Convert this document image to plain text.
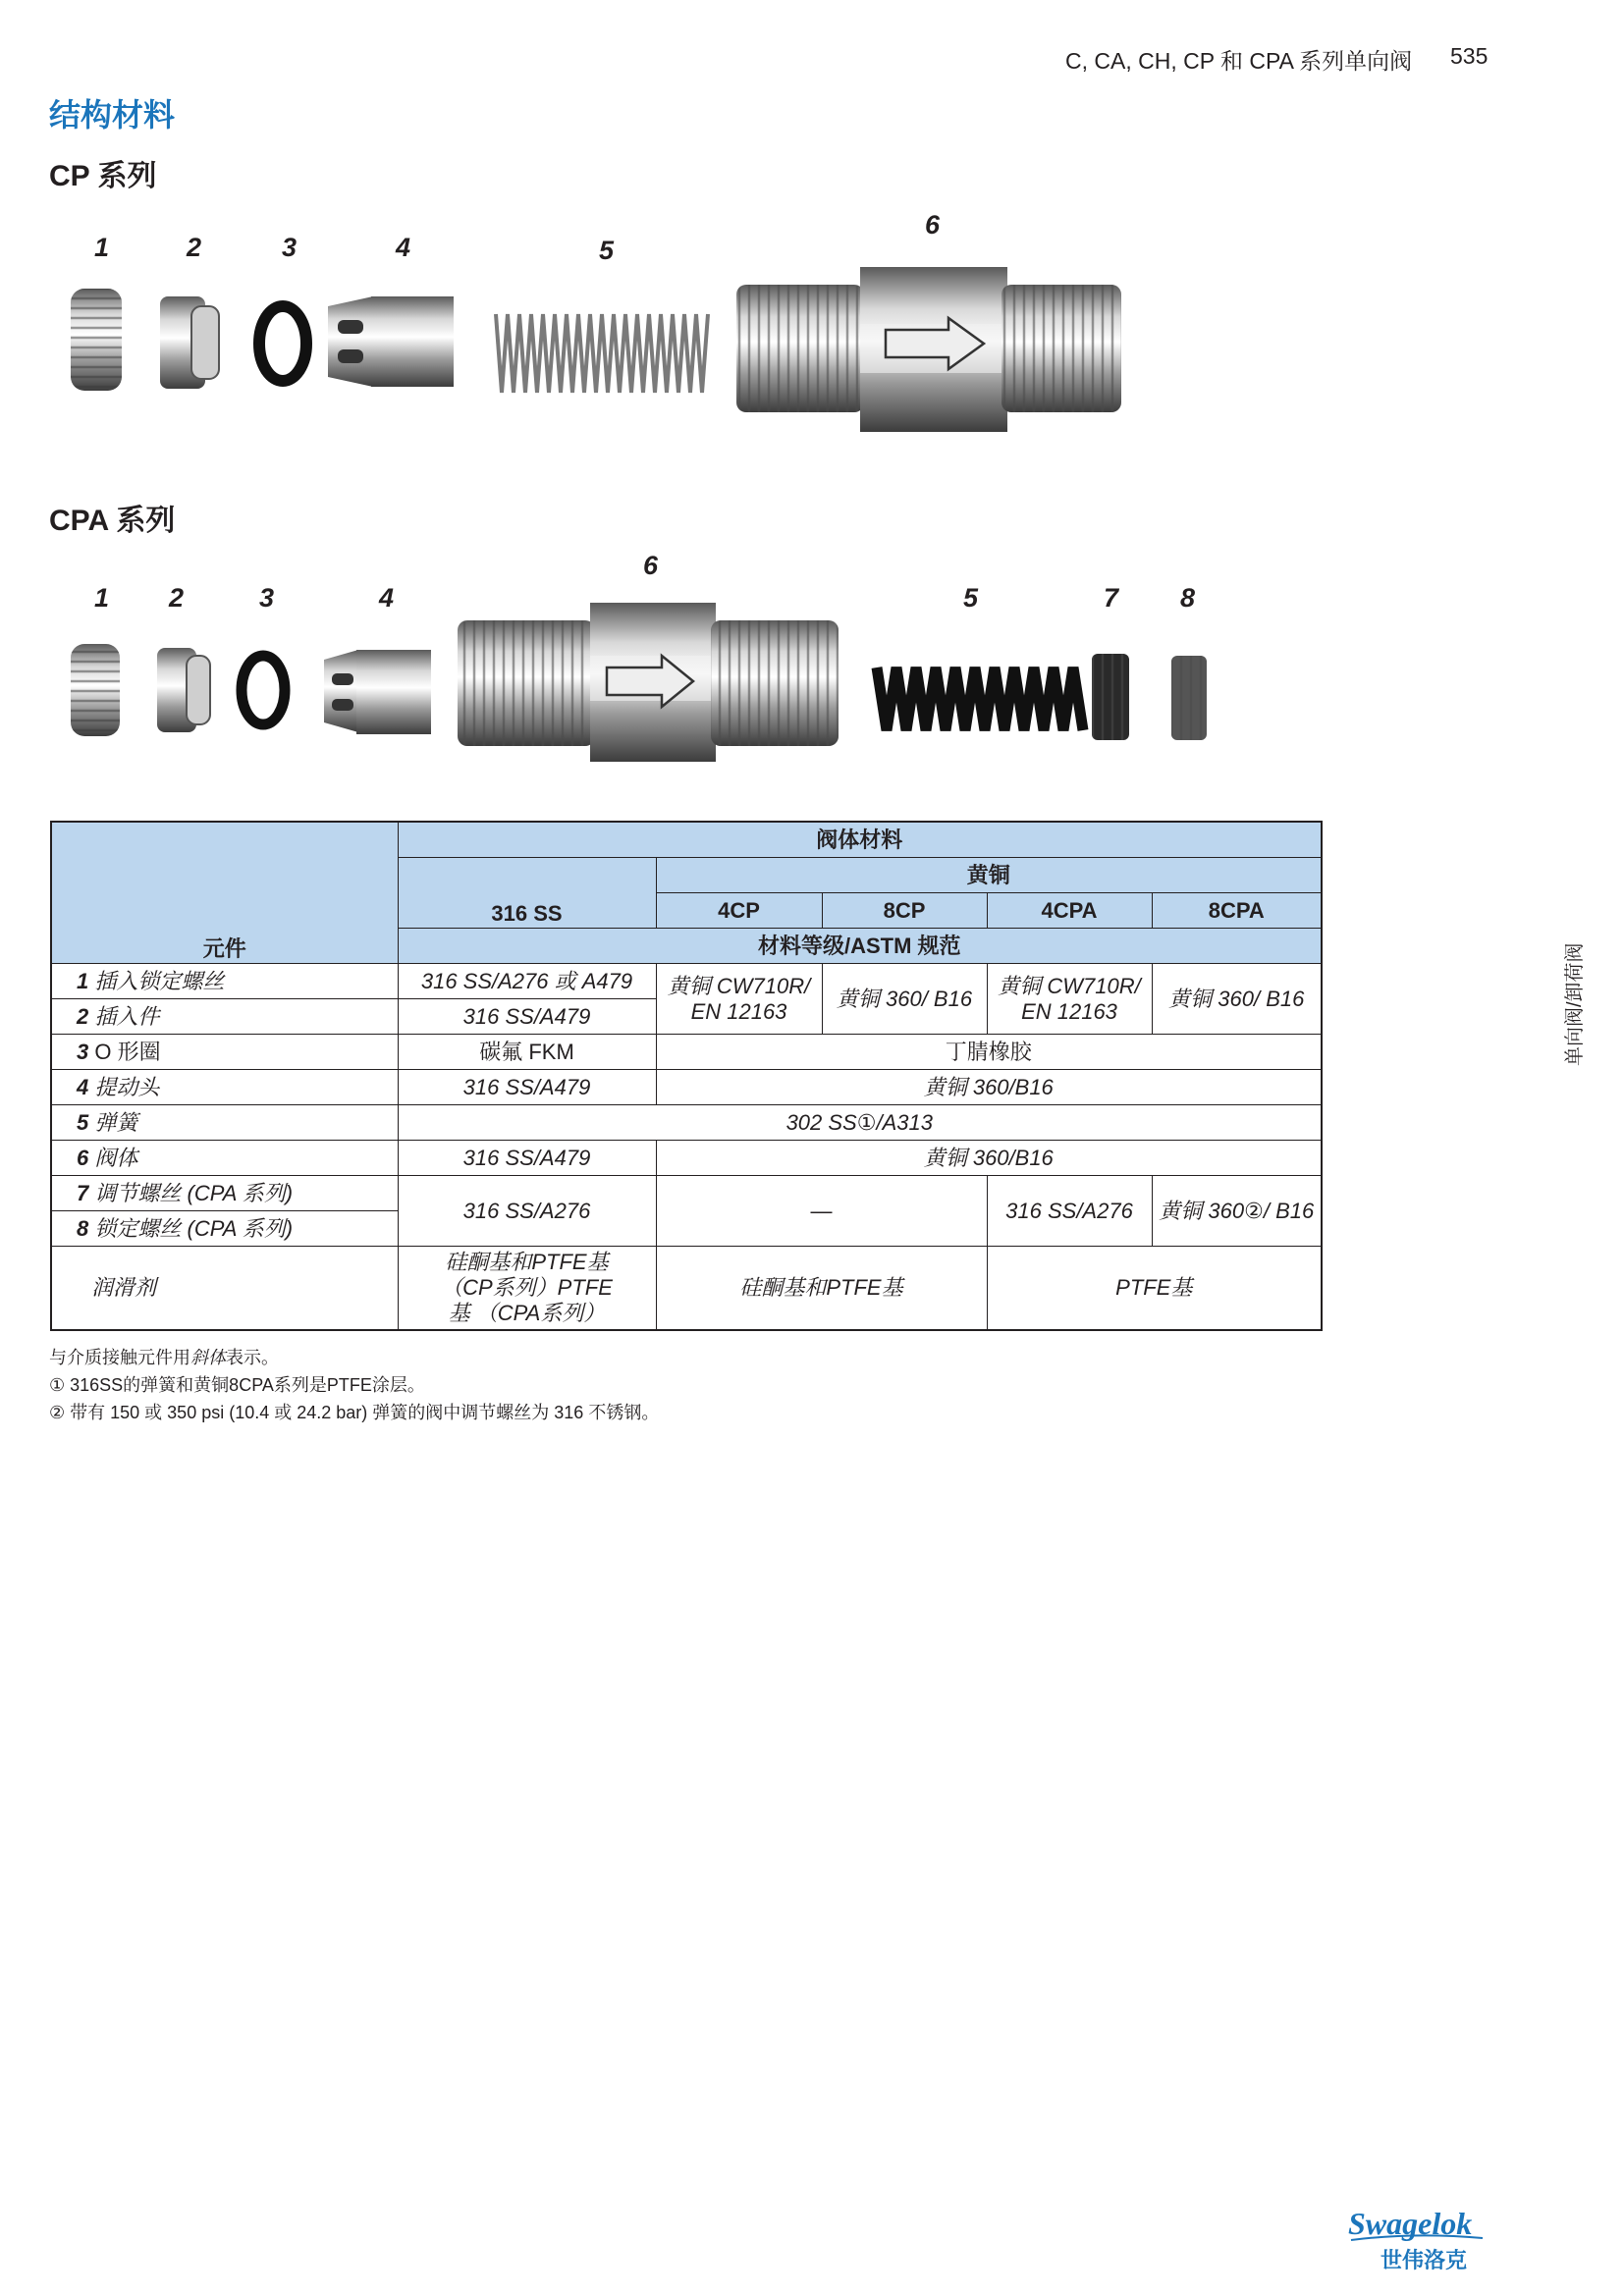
C, CA, CH, CP 和 CPA 系列单向阀 535
结构材料
CP 系列
CPA 系列
1	2	3	4	5
6
1 2	3	4
6
5	7 8
元件	阀体材料				
	316 SS	黄铜			
		4CP	8CP	4CPA	8CPA
	材料等级/ASTM 规范				
1 插入锁定螺丝	316 SS/A276 或 A479	黄铜 CW710R/ EN 12163	黄铜 360/ B16	黄铜 CW710R/ EN 12163	黄铜 360/ B16
2 插入件	316 SS/A479				
3 O 形圈	碳氟 FKM	丁腈橡胶			
4 提动头	316 SS/A479	黄铜 360/B16			
5 弹簧	302 SS①/A313				
6 阀体	316 SS/A479	黄铜 360/B16			
7 调节螺丝 (CPA 系列)	316 SS/A276	—		316 SS/A276	黄铜 360②/ B16
8 锁定螺丝 (CPA 系列)					
润滑剂	硅酮基和PTFE基 （CP系列）PTFE基 （CPA系列）	硅酮基和PTFE基		PTFE基	
与介质接触元件用斜体表示。
① 316SS的弹簧和黄铜8CPA系列是PTFE涂层。
② 带有 150 或 350 psi (10.4 或 24.2 bar) 弹簧的阀中调节螺丝为 316 不锈钢。
单向阀/卸荷阀
Swagelok
世伟洛克
